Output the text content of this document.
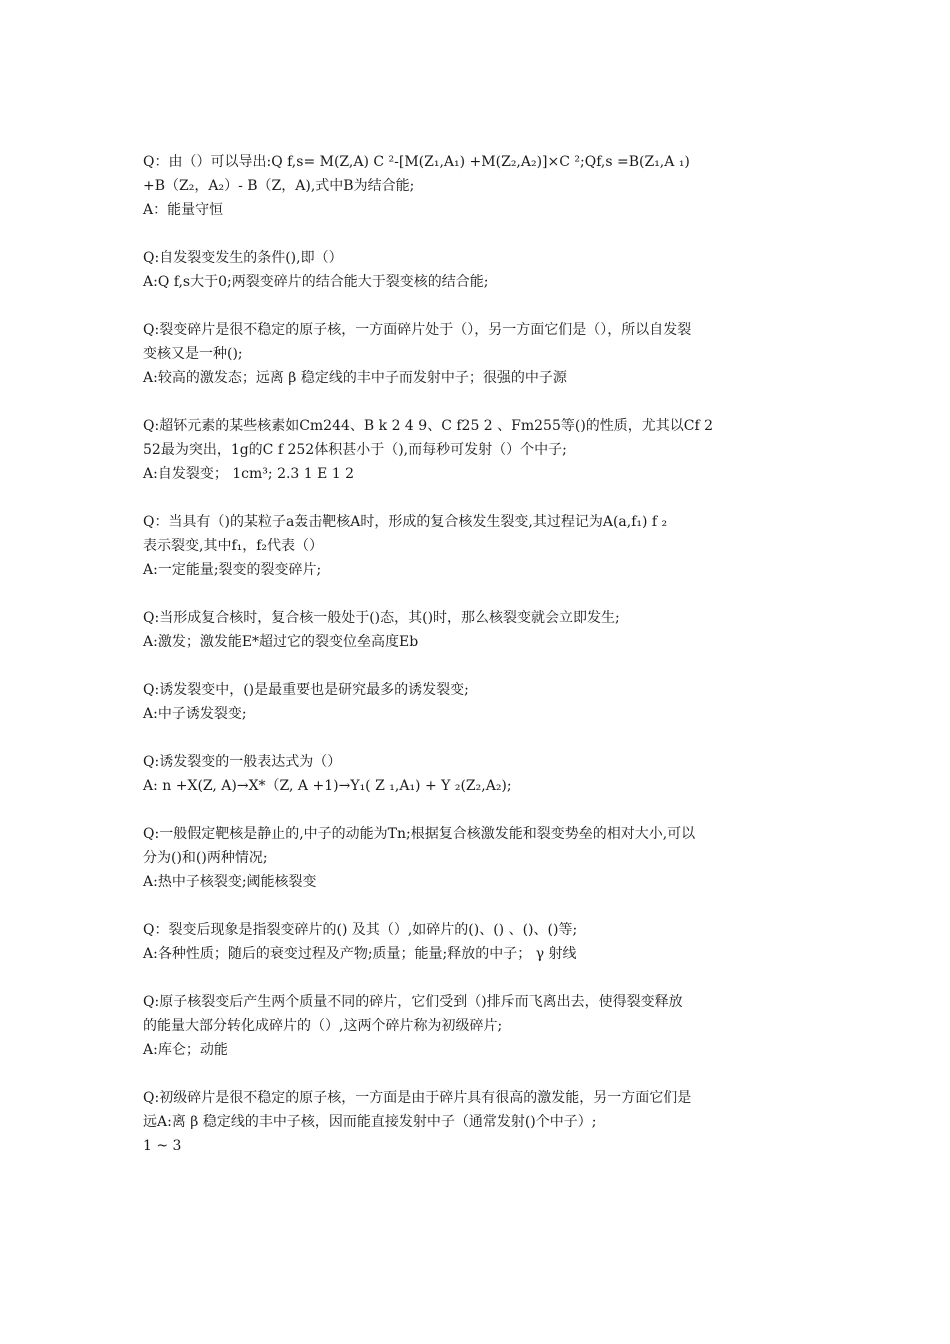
Q：由（）可以导出:Q f,s= M(Z,A) C ²-[M(Z₁,A₁) +M(Z₂,A₂)]×C ²;Qf,s =B(Z₁,A ₁)

+B（Z₂，A₂）- B（Z，A),式中B为结合能;

A：能量守恒

Q:自发裂变发生的条件(),即（）

A:Q f,s大于0;两裂变碎片的结合能大于裂变核的结合能;

Q:裂变碎片是很不稳定的原子核，一方面碎片处于（），另一方面它们是（），所以自发裂

变核又是一种();

A:较高的激发态；远离 β 稳定线的丰中子而发射中子；很强的中子源

Q:超钚元素的某些核素如Cm244、B k 2 4 9、C f25 2 、Fm255等()的性质，尤其以Cf 2

52最为突出，1g的C f 252体积甚小于（),而每秒可发射（）个中子;

A:自发裂变； 1cm³; 2.3 1 E 1 2

Q：当具有（)的某粒子a轰击靶核A时，形成的复合核发生裂变,其过程记为A(a,f₁) f ₂

表示裂变,其中f₁，f₂代表（）

A:一定能量;裂变的裂变碎片;

Q:当形成复合核时，复合核一般处于()态，其()时，那么核裂变就会立即发生;

A:激发；激发能E*超过它的裂变位垒高度Eb

Q:诱发裂变中，()是最重要也是研究最多的诱发裂变;

A:中子诱发裂变;

Q:诱发裂变的一般表达式为（）

A: n +X(Z, A)→X*（Z, A +1)→Y₁( Z ₁,A₁) + Y ₂(Z₂,A₂);

Q:一般假定靶核是静止的,中子的动能为Tn;根据复合核激发能和裂变势垒的相对大小,可以

分为()和()两种情况;

A:热中子核裂变;阈能核裂变

Q：裂变后现象是指裂变碎片的() 及其（）,如碎片的()、() 、()、()等;

A:各种性质；随后的衰变过程及产物;质量；能量;释放的中子； γ 射线

Q:原子核裂变后产生两个质量不同的碎片，它们受到（)排斥而飞离出去，使得裂变释放

的能量大部分转化成碎片的（）,这两个碎片称为初级碎片;

A:库仑；动能

Q:初级碎片是很不稳定的原子核，一方面是由于碎片具有很高的激发能，另一方面它们是

远A:离 β 稳定线的丰中子核，因而能直接发射中子（通常发射()个中子）;

1 ~ 3
